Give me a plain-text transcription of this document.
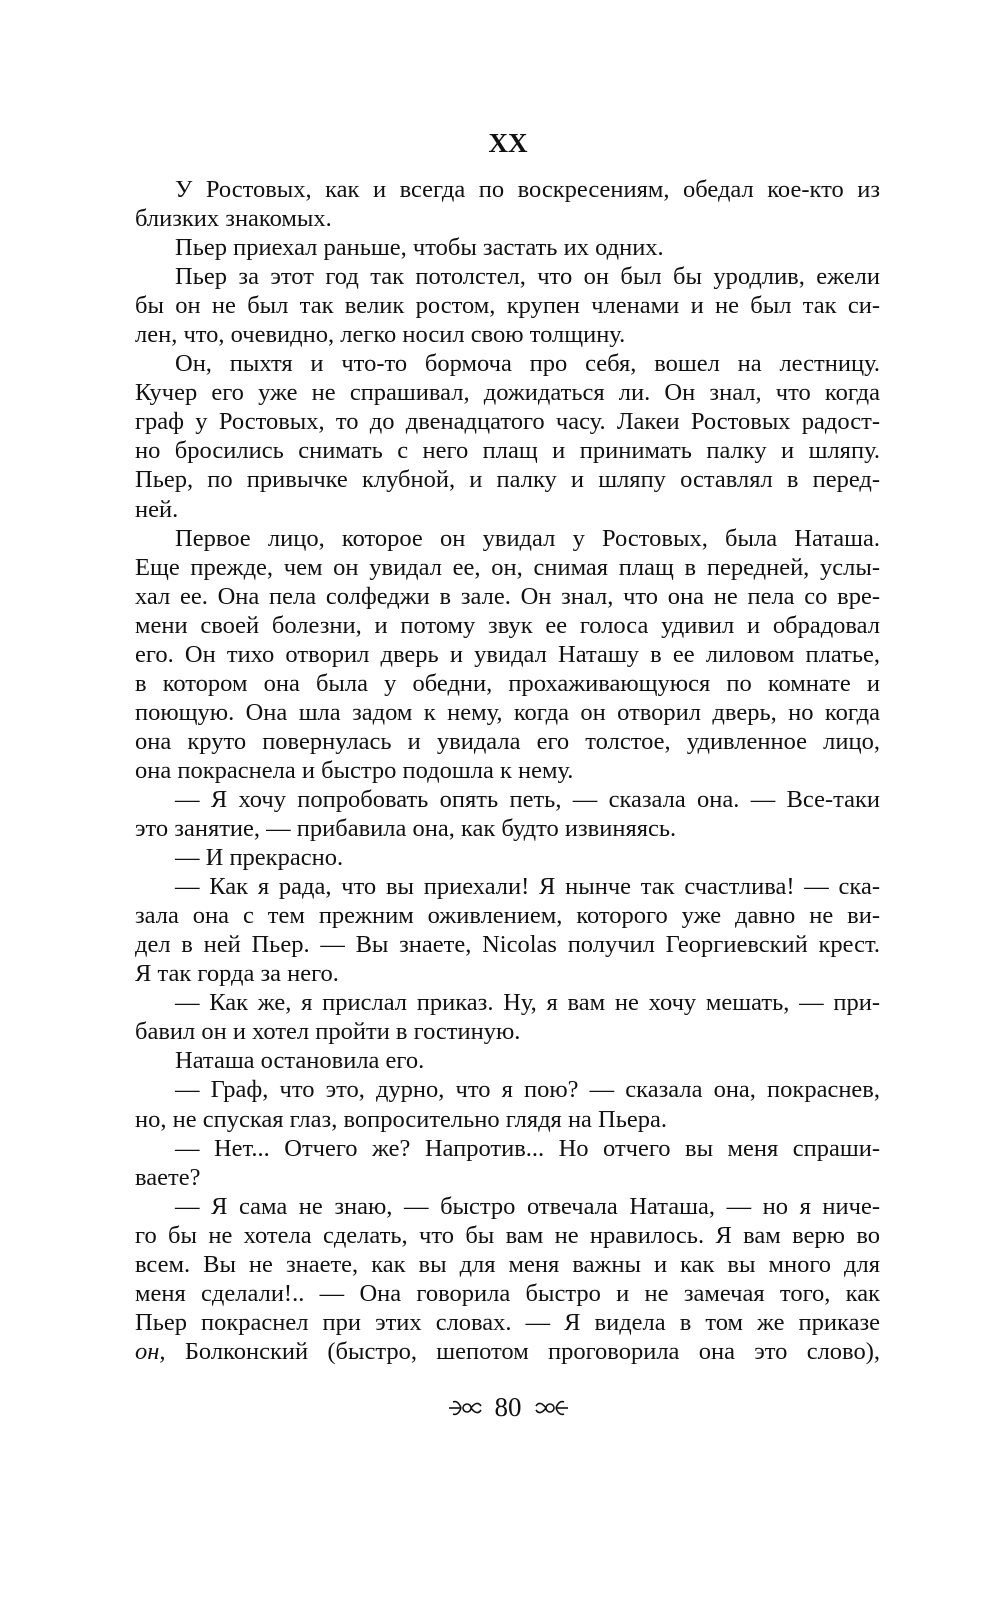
XX
У Ростовых, как и всегда по воскресениям, обедал кое-кто из
близких знакомых.
Пьер приехал раньше, чтобы застать их одних.
Пьер за этот год так потолстел, что он был бы уродлив, ежели
бы он не был так велик ростом, крупен членами и не был так си-
лен, что, очевидно, легко носил свою толщину.
Он, пыхтя и что-то бормоча про себя, вошел на лестницу.
Кучер его уже не спрашивал, дожидаться ли. Он знал, что когда
граф у Ростовых, то до двенадцатого часу. Лакеи Ростовых радост-
но бросились снимать с него плащ и принимать палку и шляпу.
Пьер, по привычке клубной, и палку и шляпу оставлял в перед-
ней.
Первое лицо, которое он увидал у Ростовых, была Наташа.
Еще прежде, чем он увидал ее, он, снимая плащ в передней, услы-
хал ее. Она пела солфеджи в зале. Он знал, что она не пела со вре-
мени своей болезни, и потому звук ее голоса удивил и обрадовал
его. Он тихо отворил дверь и увидал Наташу в ее лиловом платье,
в котором она была у обедни, прохаживающуюся по комнате и
поющую. Она шла задом к нему, когда он отворил дверь, но когда
она круто повернулась и увидала его толстое, удивленное лицо,
она покраснела и быстро подошла к нему.
— Я хочу попробовать опять петь, — сказала она. — Все-таки
это занятие, — прибавила она, как будто извиняясь.
— И прекрасно.
— Как я рада, что вы приехали! Я нынче так счастлива! — ска-
зала она с тем прежним оживлением, которого уже давно не ви-
дел в ней Пьер. — Вы знаете, Nicolas получил Георгиевский крест.
Я так горда за него.
— Как же, я прислал приказ. Ну, я вам не хочу мешать, — при-
бавил он и хотел пройти в гостиную.
Наташа остановила его.
— Граф, что это, дурно, что я пою? — сказала она, покраснев,
но, не спуская глаз, вопросительно глядя на Пьера.
— Нет... Отчего же? Напротив... Но отчего вы меня спраши-
ваете?
— Я сама не знаю, — быстро отвечала Наташа, — но я ниче-
го бы не хотела сделать, что бы вам не нравилось. Я вам верю во
всем. Вы не знаете, как вы для меня важны и как вы много для
меня сделали!.. — Она говорила быстро и не замечая того, как
Пьер покраснел при этих словах. — Я видела в том же приказе
он, Болконский (быстро, шепотом проговорила она это слово),
80
